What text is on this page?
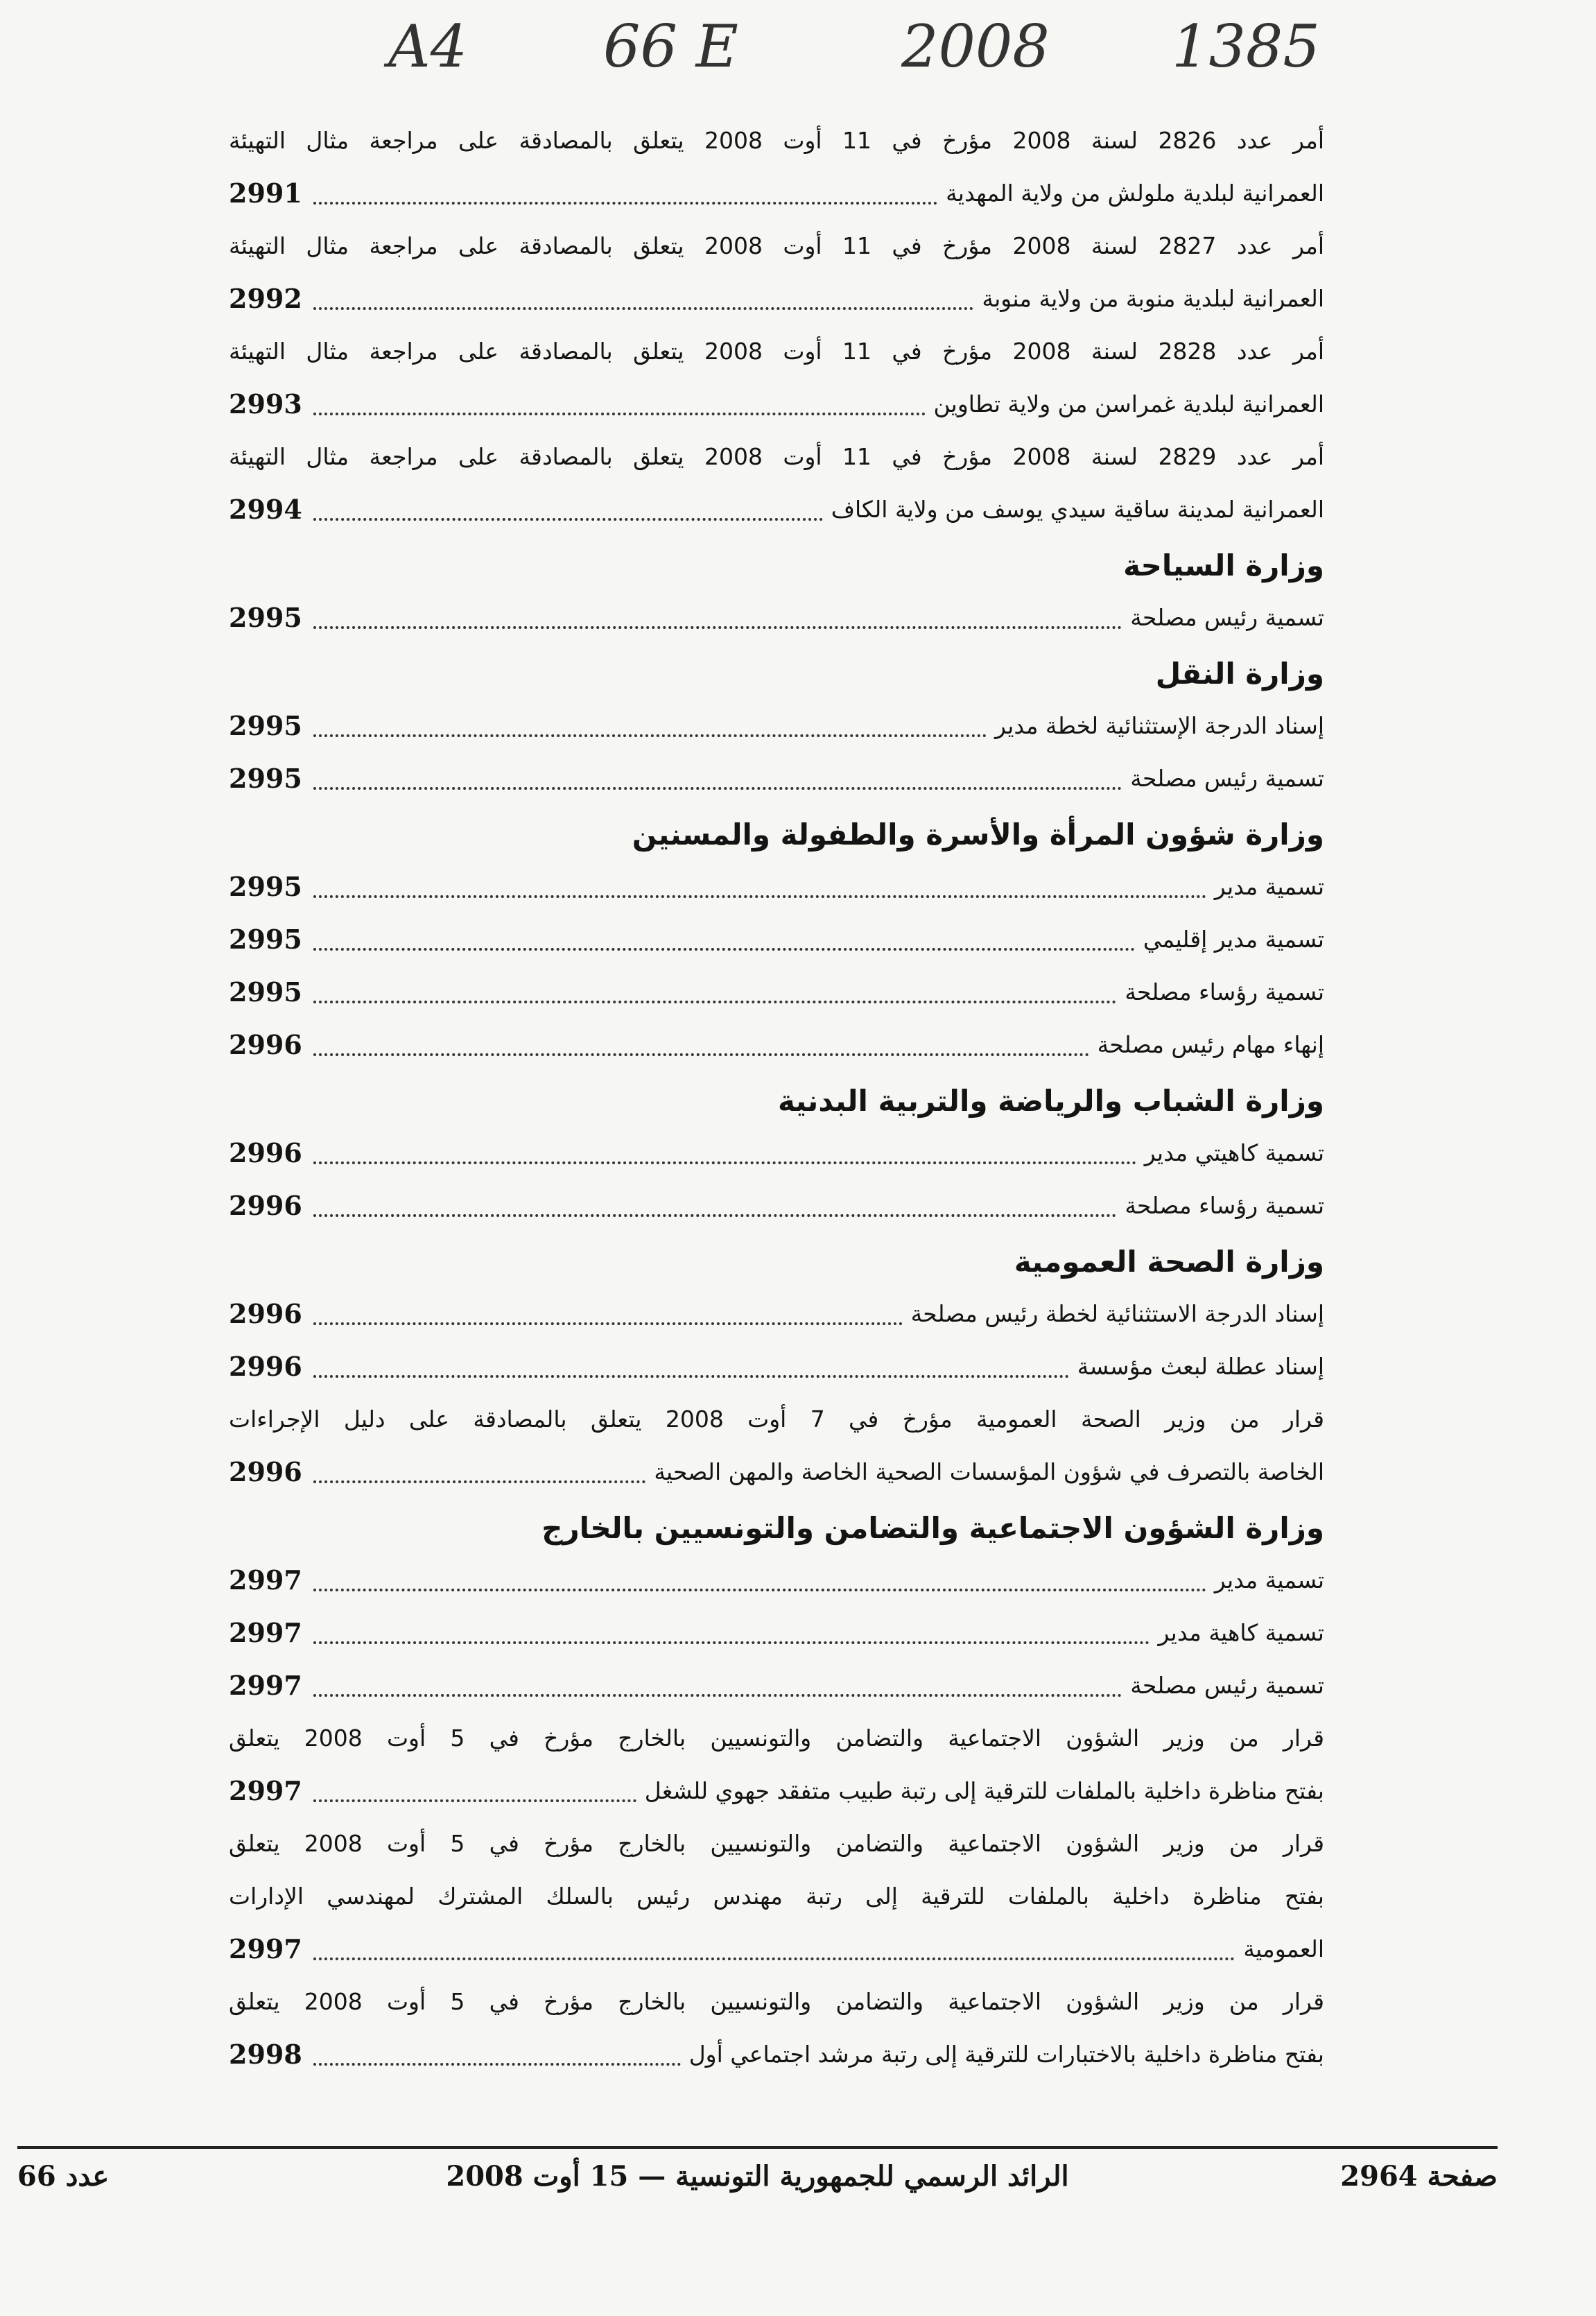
A4 66 E	2008 1385
أمر عدد 2826 لسنة 2008 مؤرخ في 11 أوت 2008 يتعلق بالمصادقة على مراجعة مثال التهيئة
العمرانية لبلدية ملولش من ولاية المهدية
2991
أمر عدد 2827 لسنة 2008 مؤرخ في 11 أوت 2008 يتعلق بالمصادقة على مراجعة مثال التهيئة
العمرانية لبلدية منوبة من ولاية منوبة
2992
أمر عدد 2828 لسنة 2008 مؤرخ في 11 أوت 2008 يتعلق بالمصادقة على مراجعة مثال التهيئة
العمرانية لبلدية غمراسن من ولاية تطاوين
2993
أمر عدد 2829 لسنة 2008 مؤرخ في 11 أوت 2008 يتعلق بالمصادقة على مراجعة مثال التهيئة
العمرانية لمدينة ساقية سيدي يوسف من ولاية الكاف
2994
وزارة السياحة
تسمية رئيس مصلحة
2995
وزارة النقل
إسناد الدرجة الإستثنائية لخطة مدير
2995
تسمية رئيس مصلحة
2995
وزارة شؤون المرأة والأسرة والطفولة والمسنين
تسمية مدير
2995
تسمية مدير إقليمي
2995
تسمية رؤساء مصلحة
2995
إنهاء مهام رئيس مصلحة
2996
وزارة الشباب والرياضة والتربية البدنية
تسمية كاهيتي مدير
2996
تسمية رؤساء مصلحة
2996
وزارة الصحة العمومية
إسناد الدرجة الاستثنائية لخطة رئيس مصلحة
2996
إسناد عطلة لبعث مؤسسة
2996
قرار من وزير الصحة العمومية مؤرخ في 7 أوت 2008 يتعلق بالمصادقة على دليل الإجراءات
الخاصة بالتصرف في شؤون المؤسسات الصحية الخاصة والمهن الصحية
2996
وزارة الشؤون الاجتماعية والتضامن والتونسيين بالخارج
تسمية مدير
2997
تسمية كاهية مدير
2997
تسمية رئيس مصلحة
2997
قرار من وزير الشؤون الاجتماعية والتضامن والتونسيين بالخارج مؤرخ في 5 أوت 2008 يتعلق
بفتح مناظرة داخلية بالملفات للترقية إلى رتبة طبيب متفقد جهوي للشغل
2997
قرار من وزير الشؤون الاجتماعية والتضامن والتونسيين بالخارج مؤرخ في 5 أوت 2008 يتعلق
بفتح مناظرة داخلية بالملفات للترقية إلى رتبة مهندس رئيس بالسلك المشترك لمهندسي الإدارات
العمومية
2997
قرار من وزير الشؤون الاجتماعية والتضامن والتونسيين بالخارج مؤرخ في 5 أوت 2008 يتعلق
بفتح مناظرة داخلية بالاختبارات للترقية إلى رتبة مرشد اجتماعي أول
2998
صفحة 2964
الرائد الرسمي للجمهورية التونسية — 15 أوت 2008
عدد 66
